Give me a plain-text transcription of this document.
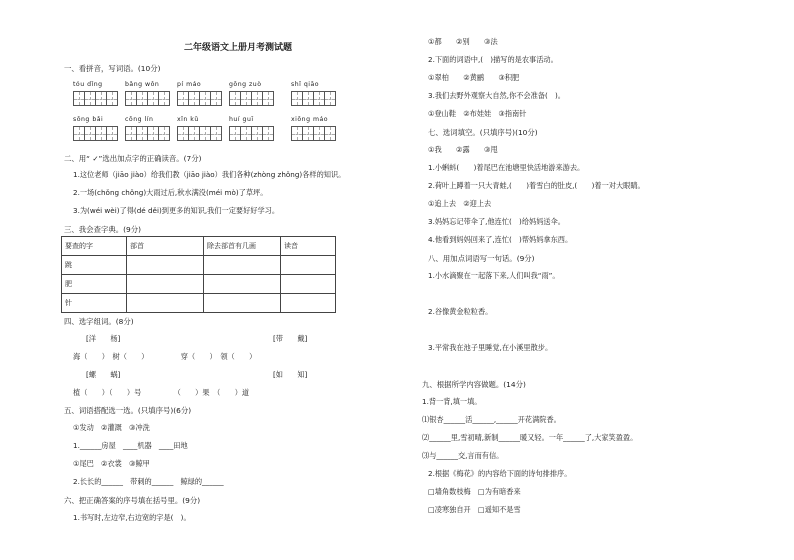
二年级语文上册月考测试题
一、看拼音，写词语。(10分)
tóu dǐng	bǎng wǒn	pí máo	gōng zuò	shǐ qiāo
sōng bǎi	cōng lín	xǐn kǔ	huí guī	xiōng máo
二、用“ ✓”选出加点字的正确读音。(7分)
1.这位老师（jiāo jiào）给我们教（jiāo jiào）我们各种(zhòng zhǒng)各样的知识。
2.一场(chǒng chǒng)大雨过后,秋水满没(méi mò)了草坪。
3.为(wéi wèi)了得(dé děi)到更多的知识,我们一定要好好学习。
三、我会查字典。(9分)
要查的字	部首	除去部首有几画	读音
跳			
肥			
针			
四、选字组词。(8分)
[洋　　杨]	[带　　戴]
海（　　）　树（　　）　　　　　穿（　　）　领（　　）
[螺　　蜗]	[如　　知]
植（　　）（　　）号　　　　　（　　）果　（　　）道
五、词语搭配选一选。(只填序号)(6分)
①发动　②灌溉　③冲洗
1.______房屋　____机器　____田地
①尾巴　②衣裳　③鲸甲
2.长长的______　带刺的______　鲸绿的______
六、把正确答案的序号填在括号里。(9分)
1.书写时,左边窄,右边宽的字是(　)。
①都　　②别　　③法
2.下面的词语中,(　)描写的是农事活动。
①翠柏　　②黄鹂　　③积肥
3.我们去野外观察大自然,你不会准备(　)。
①登山鞋　②布娃娃　③指南针
七、选词填空。(只填序号)(10分)
①我　　②露　　③甩
1.小蝌蚪(　　)着尾巴在池塘里快活地游来游去。
2.荷叶上蹲着一只大青蛙,(　　)着雪白的肚皮,(　　)着一对大眼睛。
①追上去　②迎上去
3.妈妈忘记带伞了,他连忙(　)给妈妈送伞。
4.他看到妈妈回来了,连忙(　)帮妈妈拿东西。
八、用加点词语写一句话。(9分)
1.小水滴聚在一起落下来,人们叫我“雨”。
2.谷像黄金粒粒香。
3.平常我在池子里睡觉,在小溪里散步。
九、根据所学内容做题。(14分)
1.背一背,填一填。
⑴银杏______活______,______开花满院香。
⑵______里,雪初晴,新制______暖又轻。一年______了,大家笑盈盈。
⑶与______交,言而有信。
2.根据《梅花》的内容给下面的诗句排排序。
□墙角数枝梅　□为有暗香来
□凌寒独自开　□遥知不是雪
